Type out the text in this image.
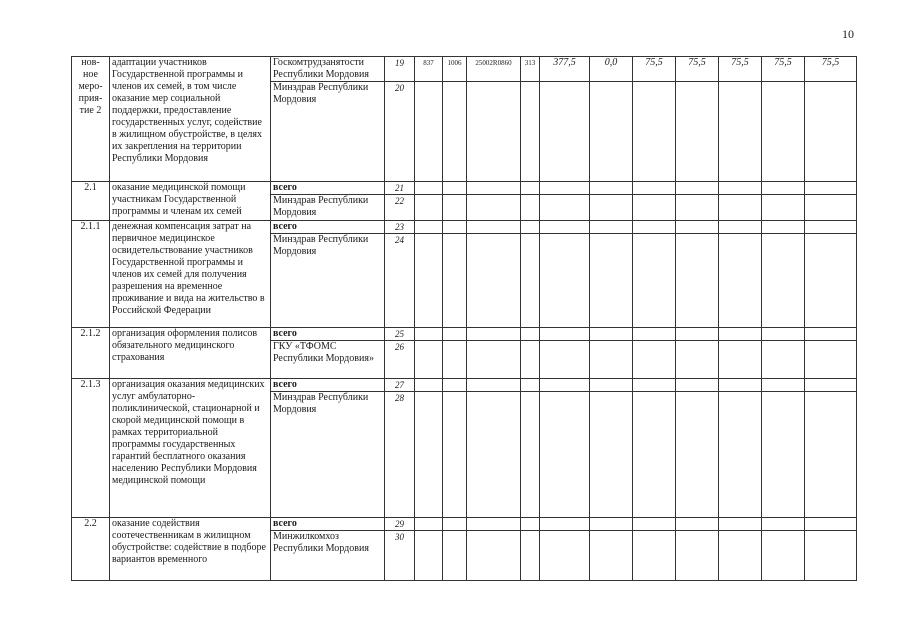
10
нов-ное меро-прия-тие 2	адаптации участников Государственной программы и членов их семей, в том числе оказание мер социальной поддержки, предоставление государственных услуг, содействие в жилищном обустройстве, в целях их закрепления на территории Республики Мордовия	Госкомтрудзанятости Республики Мордовия	19	837	1006	25002R0860	313	377,5	0,0	75,5	75,5	75,5	75,5	75,5
		Минздрав Республики Мордовия	20											
2.1	оказание медицинской помощи участникам Государственной программы и членам их семей	всего	21											
		Минздрав Республики Мордовия	22											
2.1.1	денежная компенсация затрат на первичное медицинское освидетельствование участников Государственной программы и членов их семей для получения разрешения на временное проживание и вида на жительство в Российской Федерации	всего	23											
		Минздрав Республики Мордовия	24											
2.1.2	организация оформления полисов обязательного медицинского страхования	всего	25											
		ГКУ «ТФОМС Республики Мордовия»	26											
2.1.3	организация оказания медицинских услуг амбулаторно-поликлинической, стационарной и скорой медицинской помощи в рамках территориальной программы государственных гарантий бесплатного оказания населению Республики Мордовия медицинской помощи	всего	27											
		Минздрав Республики Мордовия	28											
2.2	оказание содействия соотечественникам в жилищном обустройстве: содействие в подборе вариантов временного	всего	29											
		Минжилкомхоз Республики Мордовия	30											
